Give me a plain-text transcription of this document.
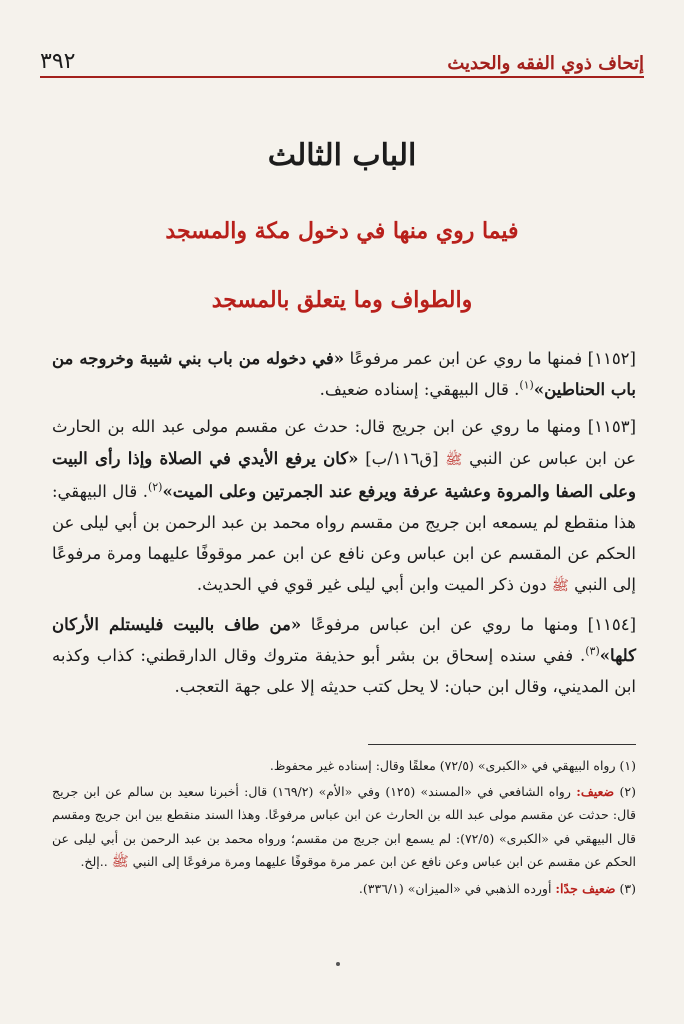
إتحاف ذوي الفقه والحديث
٣٩٢
الباب الثالث
فيما روي منها في دخول مكة والمسجد
والطواف وما يتعلق بالمسجد

[١١٥٢] فمنها ما روي عن ابن عمر مرفوعًا «في دخوله من باب بني شيبة وخروجه من باب الحناطين»$^{(١)}$. قال البيهقي: إسناده ضعيف.

[١١٥٣] ومنها ما روي عن ابن جريج قال: حدث عن مقسم مولى عبد الله بن الحارث عن ابن عباس عن النبي ﷺ [ق١١٦/ب] «كان يرفع الأيدي في الصلاة وإذا رأى البيت وعلى الصفا والمروة وعشية عرفة ويرفع عند الجمرتين وعلى الميت»$^{(٢)}$. قال البيهقي: هذا منقطع لم يسمعه ابن جريج من مقسم رواه محمد بن عبد الرحمن بن أبي ليلى عن الحكم عن المقسم عن ابن عباس وعن نافع عن ابن عمر موقوفًا عليهما ومرة مرفوعًا إلى النبي ﷺ دون ذكر الميت وابن أبي ليلى غير قوي في الحديث.

[١١٥٤] ومنها ما روي عن ابن عباس مرفوعًا «من طاف بالبيت فليستلم الأركان كلها»$^{(٣)}$. ففي سنده إسحاق بن بشر أبو حذيفة متروك وقال الدارقطني: كذاب وكذبه ابن المديني، وقال ابن حبان: لا يحل كتب حديثه إلا على جهة التعجب.

(١) رواه البيهقي في «الكبرى» (٧٢/٥) معلقًا وقال: إسناده غير محفوظ.

(٢) ضعيف: رواه الشافعي في «المسند» (١٢٥) وفي «الأم» (١٦٩/٢) قال: أخبرنا سعيد بن سالم عن ابن جريج قال: حدثت عن مقسم مولى عبد الله بن الحارث عن ابن عباس مرفوعًا. وهذا السند منقطع بين ابن جريج ومقسم قال البيهقي في «الكبرى» (٧٢/٥): لم يسمع ابن جريج من مقسم؛ ورواه محمد بن عبد الرحمن بن أبي ليلى عن الحكم عن مقسم عن ابن عباس وعن نافع عن ابن عمر مرة موقوفًا عليهما ومرة مرفوعًا إلى النبي ﷺ ..إلخ.

(٣) ضعيف جدًا: أورده الذهبي في «الميزان» (٣٣٦/١).
